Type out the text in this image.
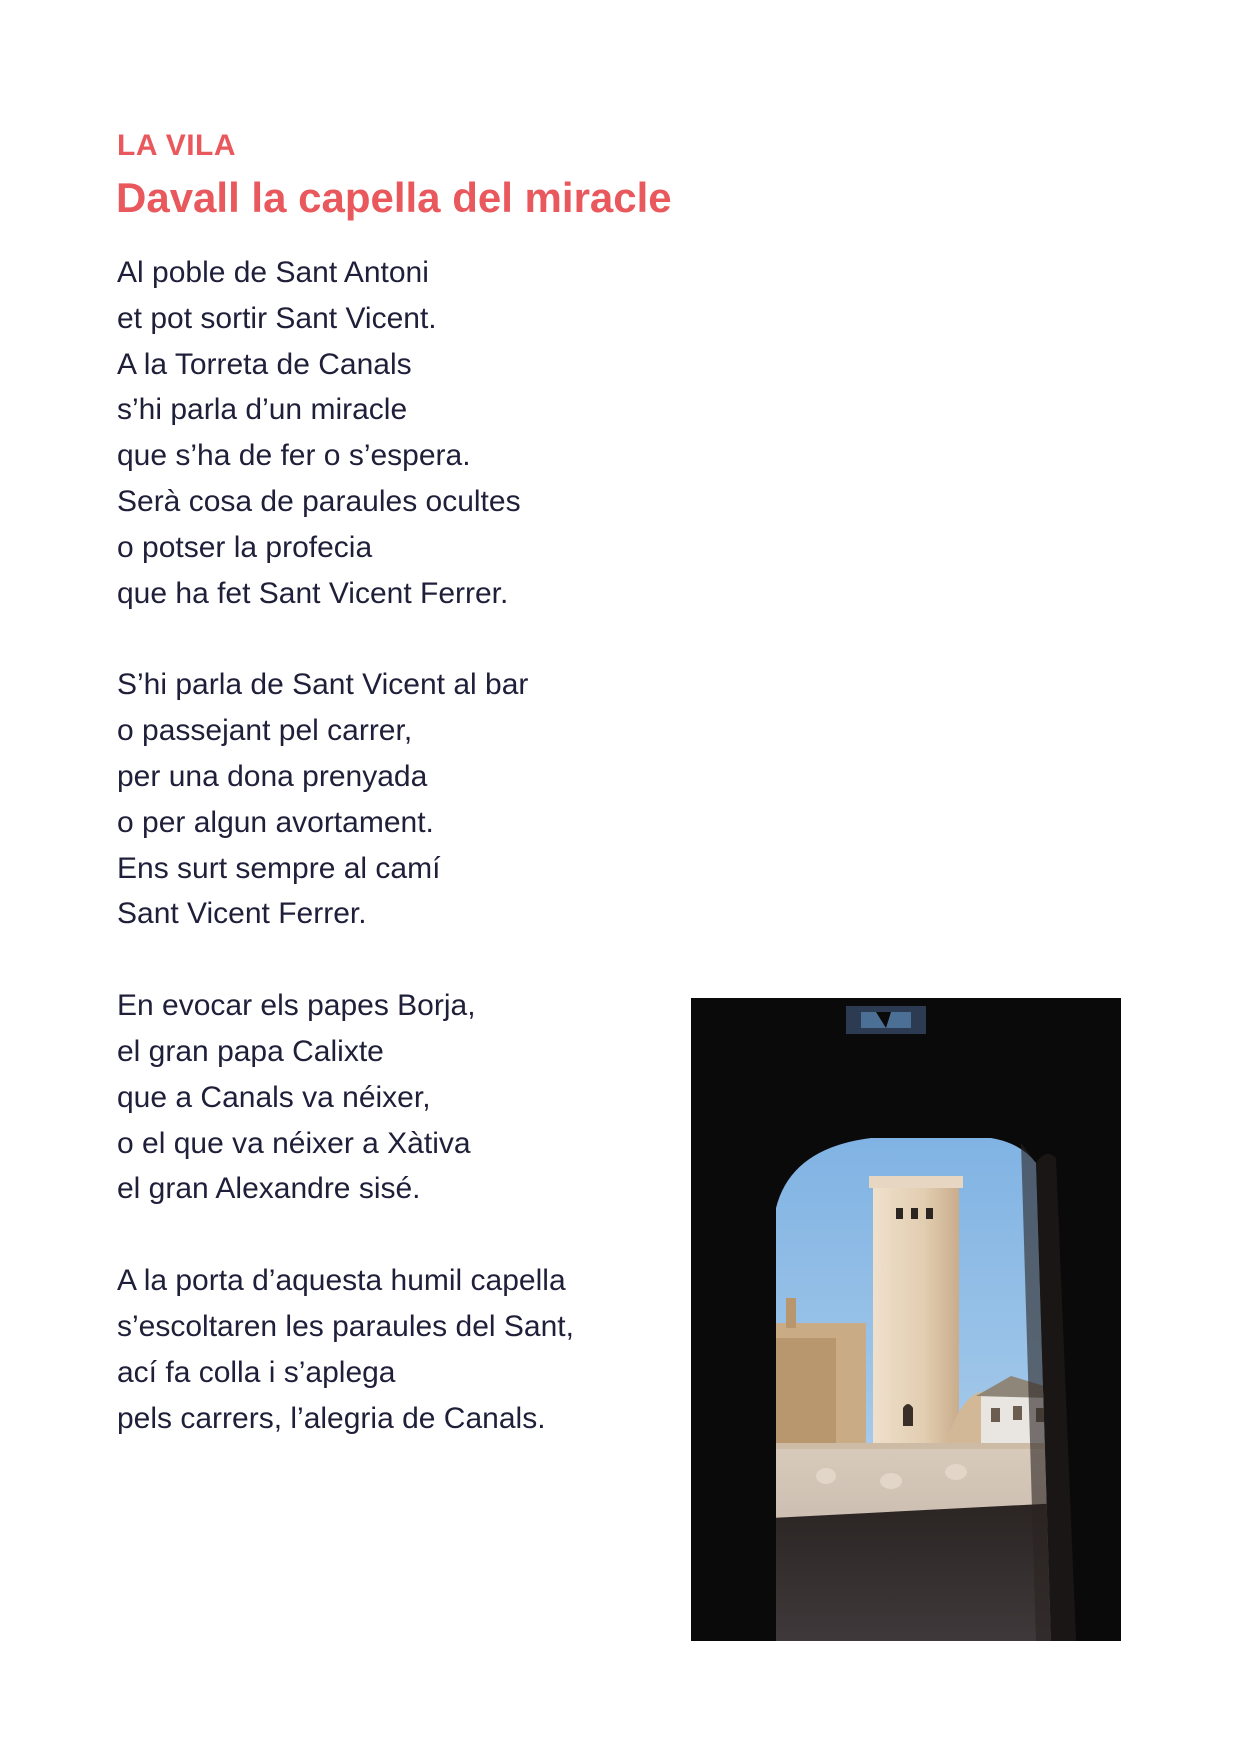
LA VILA
Davall la capella del miracle
Al poble de Sant Antoni
et pot sortir Sant Vicent.
A la Torreta de Canals
s’hi parla d’un miracle
que s’ha de fer o s’espera.
Serà cosa de paraules ocultes
o potser la profecia
que ha fet Sant Vicent Ferrer.
S’hi parla de Sant Vicent al bar
o passejant pel carrer,
per una dona prenyada
o per algun avortament.
Ens surt sempre al camí
Sant Vicent Ferrer.
En evocar els papes Borja,
el gran papa Calixte
que a Canals va néixer,
o el que va néixer a Xàtiva
el gran Alexandre sisé.
A la porta d’aquesta humil capella
s’escoltaren les paraules del Sant,
ací fa colla i s’aplega
pels carrers, l’alegria de Canals.
